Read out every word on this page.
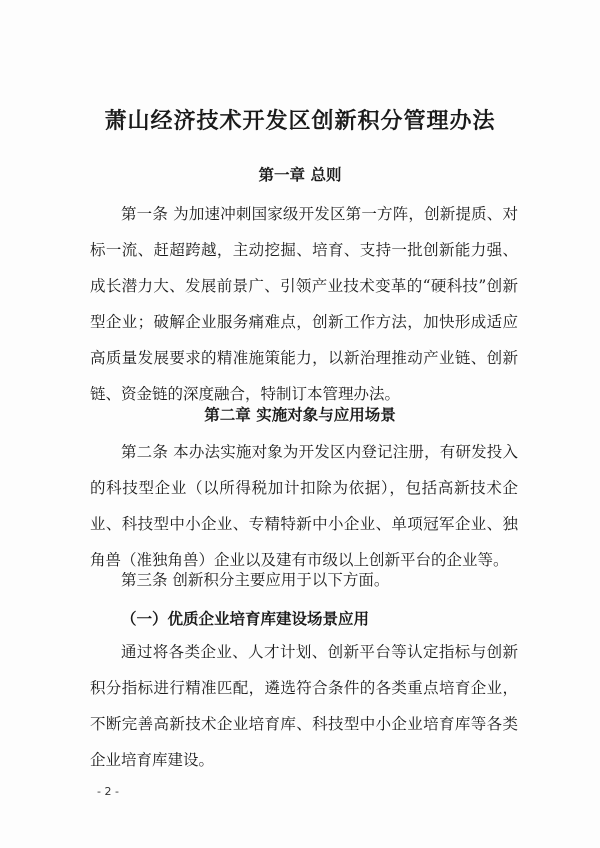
萧山经济技术开发区创新积分管理办法
第一章 总则

第一条 为加速冲刺国家级开发区第一方阵，创新提质、对标一流、赶超跨越，主动挖掘、培育、支持一批创新能力强、成长潜力大、发展前景广、引领产业技术变革的“硬科技”创新型企业；破解企业服务痛难点，创新工作方法，加快形成适应高质量发展要求的精准施策能力，以新治理推动产业链、创新链、资金链的深度融合，特制订本管理办法。

第二章 实施对象与应用场景

第二条 本办法实施对象为开发区内登记注册，有研发投入的科技型企业（以所得税加计扣除为依据），包括高新技术企业、科技型中小企业、专精特新中小企业、单项冠军企业、独角兽（准独角兽）企业以及建有市级以上创新平台的企业等。

第三条 创新积分主要应用于以下方面。

（一）优质企业培育库建设场景应用

通过将各类企业、人才计划、创新平台等认定指标与创新积分指标进行精准匹配，遴选符合条件的各类重点培育企业，不断完善高新技术企业培育库、科技型中小企业培育库等各类企业培育库建设。

- 2 -
